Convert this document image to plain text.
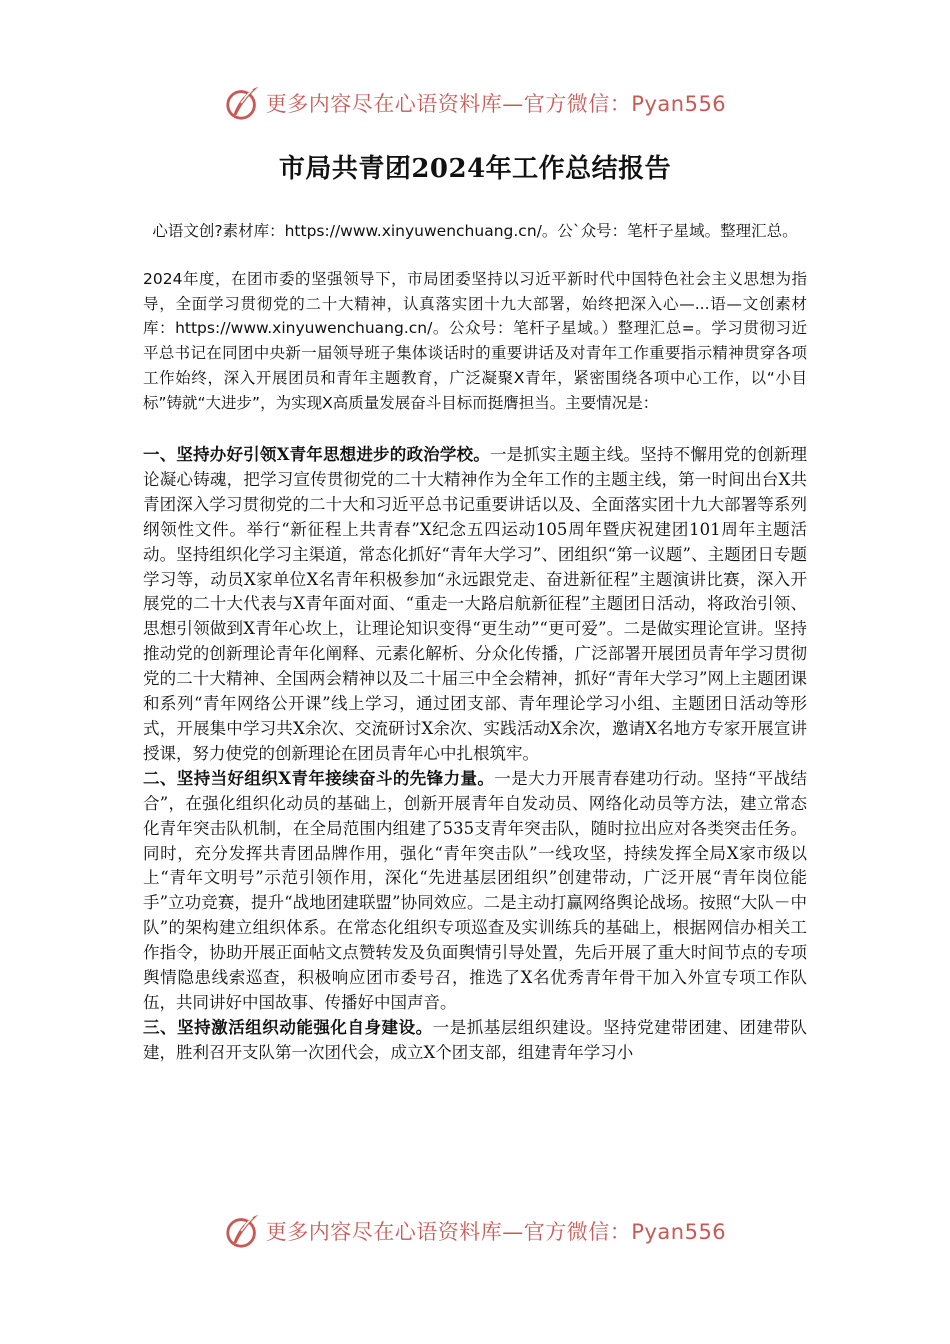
更多内容尽在心语资料库—官方微信：Pyan556
市局共青团2024年工作总结报告
心语文创?素材库：https://www.xinyuwenchuang.cn/。公`众号：笔杆子星域。整理汇总。
2024年度，在团市委的坚强领导下，市局团委坚持以习近平新时代中国特色社会主义思想为指导，全面学习贯彻党的二十大精神，认真落实团十九大部署，始终把深入心—...语—文创素材库：https://www.xinyuwenchuang.cn/。公众号：笔杆子星域。）整理汇总=。学习贯彻习近平总书记在同团中央新一届领导班子集体谈话时的重要讲话及对青年工作重要指示精神贯穿各项工作始终，深入开展团员和青年主题教育，广泛凝聚X青年，紧密围绕各项中心工作，以“小目标”铸就“大进步”，为实现X高质量发展奋斗目标而挺膺担当。主要情况是：

一、坚持办好引领X青年思想进步的政治学校。一是抓实主题主线。坚持不懈用党的创新理论凝心铸魂，把学习宣传贯彻党的二十大精神作为全年工作的主题主线，第一时间出台X共青团深入学习贯彻党的二十大和习近平总书记重要讲话以及、全面落实团十九大部署等系列纲领性文件。举行“新征程上共青春”X纪念五四运动105周年暨庆祝建团101周年主题活动。坚持组织化学习主渠道，常态化抓好“青年大学习”、团组织“第一议题”、主题团日专题学习等，动员X家单位X名青年积极参加“永远跟党走、奋进新征程”主题演讲比赛，深入开展党的二十大代表与X青年面对面、“重走一大路启航新征程”主题团日活动，将政治引领、思想引领做到X青年心坎上，让理论知识变得“更生动”“更可爱”。二是做实理论宣讲。坚持推动党的创新理论青年化阐释、元素化解析、分众化传播，广泛部署开展团员青年学习贯彻党的二十大精神、全国两会精神以及二十届三中全会精神，抓好“青年大学习”网上主题团课和系列“青年网络公开课”线上学习，通过团支部、青年理论学习小组、主题团日活动等形式，开展集中学习共X余次、交流研讨X余次、实践活动X余次，邀请X名地方专家开展宣讲授课，努力使党的创新理论在团员青年心中扎根筑牢。

二、坚持当好组织X青年接续奋斗的先锋力量。一是大力开展青春建功行动。坚持“平战结合”，在强化组织化动员的基础上，创新开展青年自发动员、网络化动员等方法，建立常态化青年突击队机制，在全局范围内组建了535支青年突击队，随时拉出应对各类突击任务。同时，充分发挥共青团品牌作用，强化“青年突击队”一线攻坚，持续发挥全局X家市级以上“青年文明号”示范引领作用，深化“先进基层团组织”创建带动，广泛开展“青年岗位能手”立功竞赛，提升“战地团建联盟”协同效应。二是主动打赢网络舆论战场。按照“大队－中队”的架构建立组织体系。在常态化组织专项巡查及实训练兵的基础上，根据网信办相关工作指令，协助开展正面帖文点赞转发及负面舆情引导处置，先后开展了重大时间节点的专项舆情隐患线索巡查，积极响应团市委号召，推选了X名优秀青年骨干加入外宣专项工作队伍，共同讲好中国故事、传播好中国声音。

三、坚持激活组织动能强化自身建设。一是抓基层组织建设。坚持党建带团建、团建带队建，胜利召开支队第一次团代会，成立X个团支部，组建青年学习小

更多内容尽在心语资料库—官方微信：Pyan556
